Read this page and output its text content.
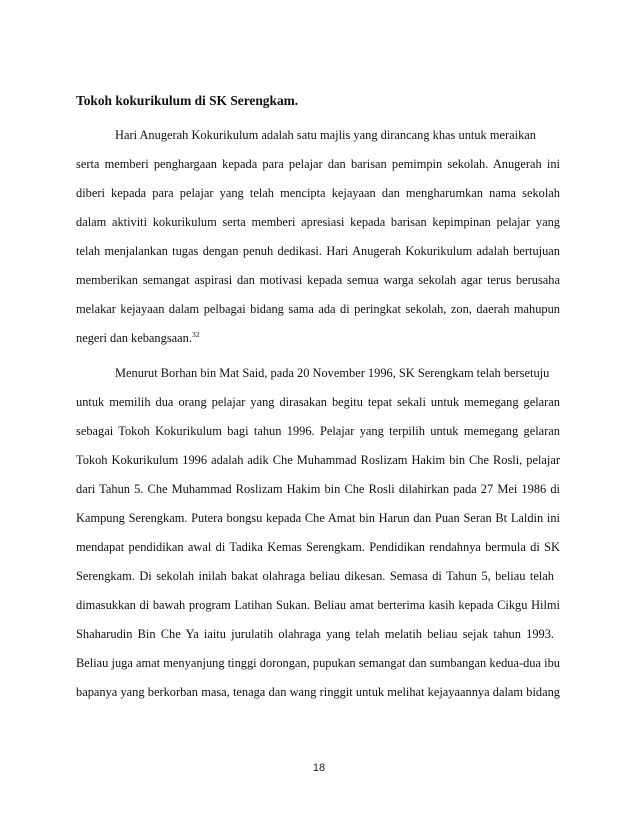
Tokoh kokurikulum di SK Serengkam.
Hari Anugerah Kokurikulum adalah satu majlis yang dirancang khas untuk meraikan
serta memberi penghargaan kepada para pelajar dan barisan pemimpin sekolah. Anugerah ini
diberi kepada para pelajar yang telah mencipta kejayaan dan mengharumkan nama sekolah
dalam aktiviti kokurikulum serta memberi apresiasi kepada barisan kepimpinan pelajar yang
telah menjalankan tugas dengan penuh dedikasi. Hari Anugerah Kokurikulum adalah bertujuan
memberikan semangat aspirasi dan motivasi kepada semua warga sekolah agar terus berusaha
melakar kejayaan dalam pelbagai bidang sama ada di peringkat sekolah, zon, daerah mahupun
negeri dan kebangsaan.$^{32}$
Menurut Borhan bin Mat Said, pada 20 November 1996, SK Serengkam telah bersetuju
untuk memilih dua orang pelajar yang dirasakan begitu tepat sekali untuk memegang gelaran
sebagai Tokoh Kokurikulum bagi tahun 1996. Pelajar yang terpilih untuk memegang gelaran
Tokoh Kokurikulum 1996 adalah adik Che Muhammad Roslizam Hakim bin Che Rosli, pelajar
dari Tahun 5. Che Muhammad Roslizam Hakim bin Che Rosli dilahirkan pada 27 Mei 1986 di
Kampung Serengkam. Putera bongsu kepada Che Amat bin Harun dan Puan Seran Bt Laldin ini
mendapat pendidikan awal di Tadika Kemas Serengkam. Pendidikan rendahnya bermula di SK
Serengkam. Di sekolah inilah bakat olahraga beliau dikesan. Semasa di Tahun 5, beliau telah
dimasukkan di bawah program Latihan Sukan. Beliau amat berterima kasih kepada Cikgu Hilmi
Shaharudin Bin Che Ya iaitu jurulatih olahraga yang telah melatih beliau sejak tahun 1993.
Beliau juga amat menyanjung tinggi dorongan, pupukan semangat dan sumbangan kedua-dua ibu
bapanya yang berkorban masa, tenaga dan wang ringgit untuk melihat kejayaannya dalam bidang
18
